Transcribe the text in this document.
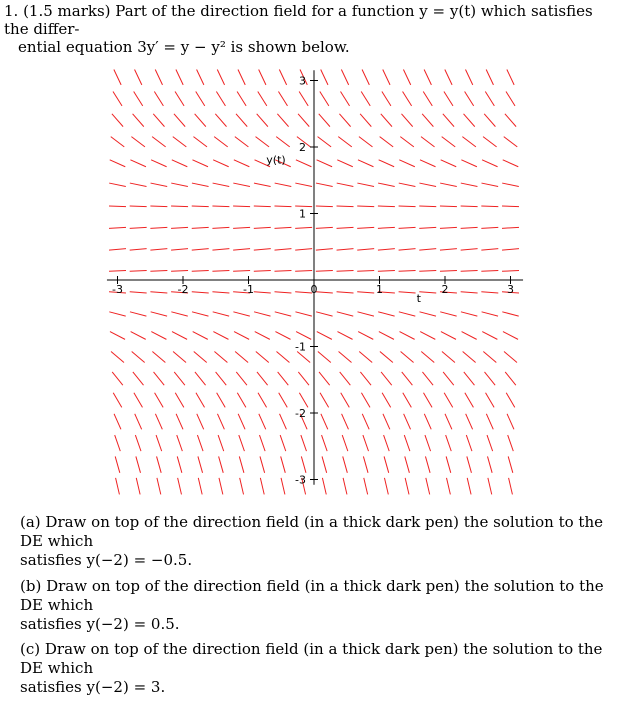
1. (1.5 marks) Part of the direction field for a function y = y(t) which satisfies the differ-
ential equation 3y′ = y − y² is shown below.
-3	-2	-1	0	1	2	3
3
2
1
-1
-2
-3
t
y(t)
(a) Draw on top of the direction field (in a thick dark pen) the solution to the DE which
satisfies y(−2) = −0.5.
(b) Draw on top of the direction field (in a thick dark pen) the solution to the DE which
satisfies y(−2) = 0.5.
(c) Draw on top of the direction field (in a thick dark pen) the solution to the DE which
satisfies y(−2) = 3.
